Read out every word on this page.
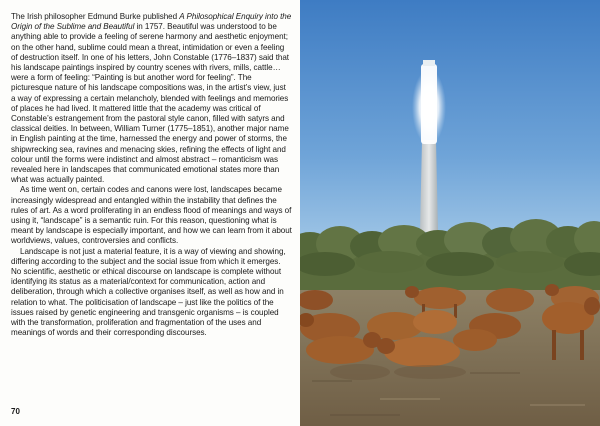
The Irish philosopher Edmund Burke published A Philosophical Enquiry into the Origin of the Sublime and Beautiful in 1757. Beautiful was understood to be anything able to provide a feeling of serene harmony and aesthetic enjoyment; on the other hand, sublime could mean a threat, intimidation or even a feeling of destruction itself. In one of his letters, John Constable (1776–1837) said that his landscape paintings inspired by country scenes with rivers, mills, cattle… were a form of feeling: “Painting is but another word for feeling”. The picturesque nature of his landscape compositions was, in the artist’s view, just a way of expressing a certain melancholy, blended with feelings and memories of places he had lived. It mattered little that the academy was critical of Constable’s estrangement from the pastoral style canon, filled with satyrs and classical deities. In between, William Turner (1775–1851), another major name in English painting at the time, harnessed the energy and power of storms, the shipwrecking sea, ravines and menacing skies, refining the effects of light and colour until the forms were indistinct and almost abstract – romanticism was revealed here in landscapes that communicated emotional states more than what was actually painted.

As time went on, certain codes and canons were lost, landscapes became increasingly widespread and entangled within the instability that defines the rules of art. As a word proliferating in an endless flood of meanings and ways of using it, “landscape” is a semantic ruin. For this reason, questioning what is meant by landscape is especially important, and how we can learn from it about worldviews, values, controversies and conflicts.

Landscape is not just a material feature, it is a way of viewing and showing, differing according to the subject and the social issue from which it emerges. No scientific, aesthetic or ethical discourse on landscape is complete without identifying its status as a material/context for communication, action and deliberation, through which a collective organises itself, as well as how and in relation to what. The politicisation of landscape – just like the politics of the issues raised by genetic engineering and transgenic organisms – is coupled with the transformation, proliferation and fragmentation of the uses and meanings of words and their corresponding discourses.

70
